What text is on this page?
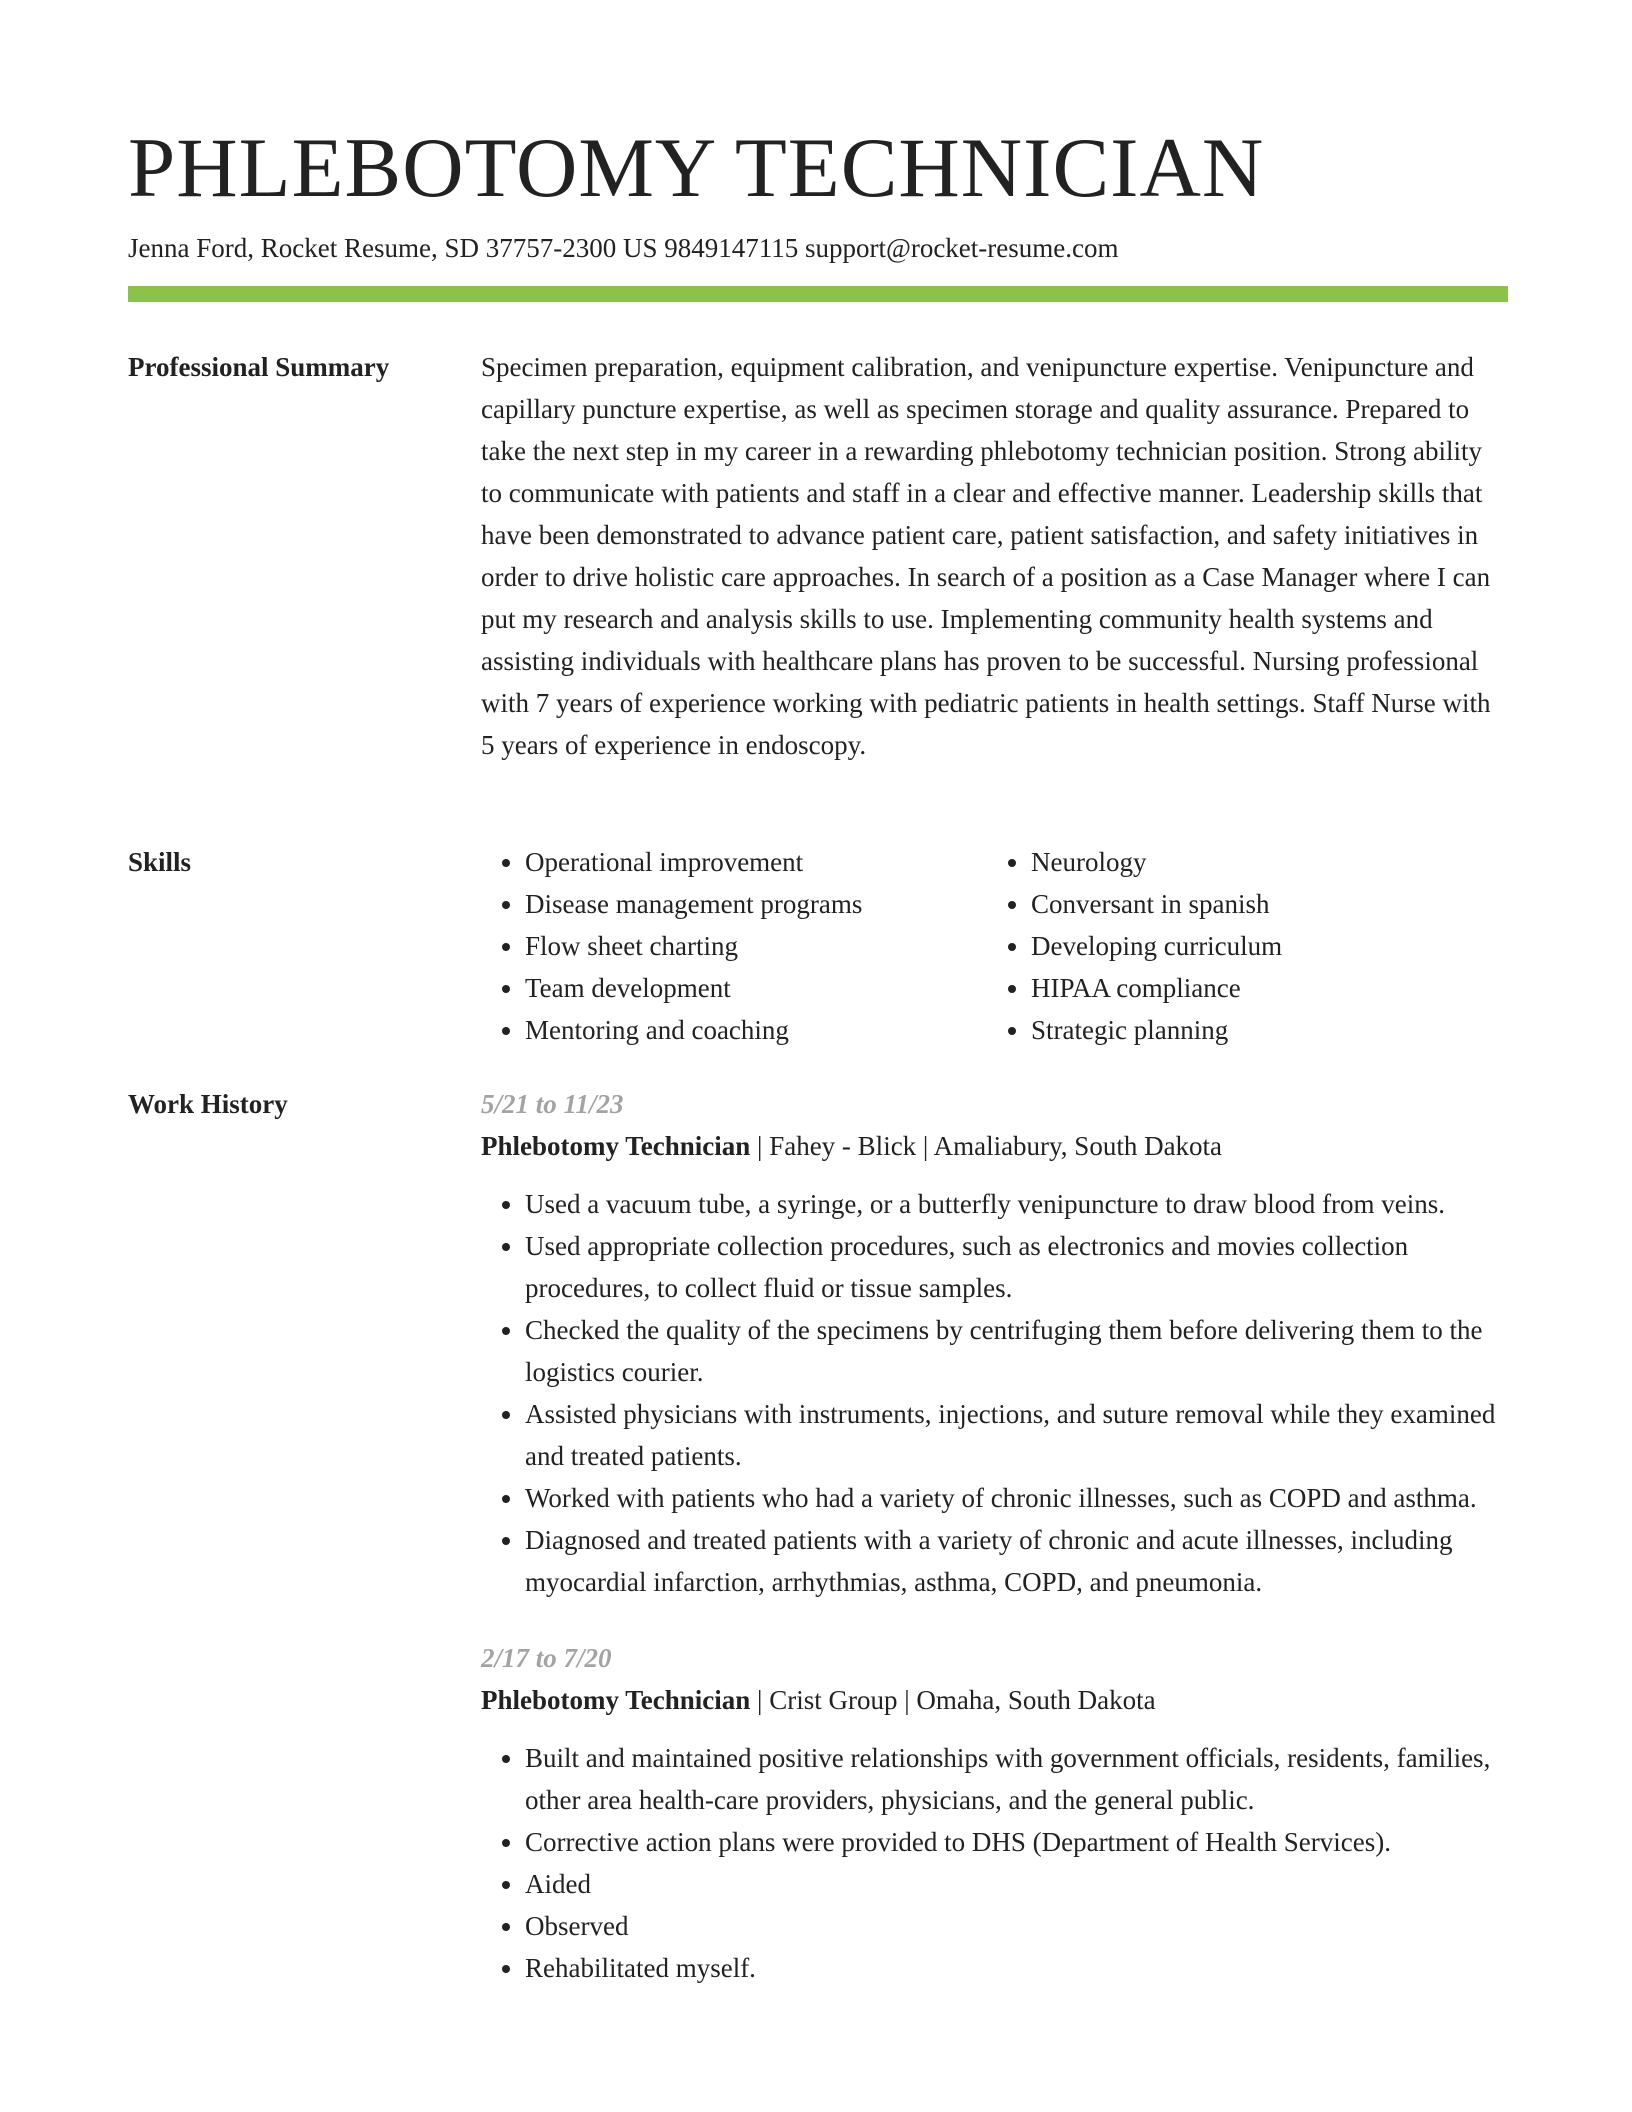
PHLEBOTOMY TECHNICIAN
Jenna Ford, Rocket Resume, SD 37757-2300 US 9849147115 support@rocket-resume.com
Professional Summary	Specimen preparation, equipment calibration, and venipuncture expertise. Venipuncture and capillary puncture expertise, as well as specimen storage and quality assurance. Prepared to take the next step in my career in a rewarding phlebotomy technician position. Strong ability to communicate with patients and staff in a clear and effective manner. Leadership skills that have been demonstrated to advance patient care, patient satisfaction, and safety initiatives in order to drive holistic care approaches. In search of a position as a Case Manager where I can put my research and analysis skills to use. Implementing community health systems and assisting individuals with healthcare plans has proven to be successful. Nursing professional with 7 years of experience working with pediatric patients in health settings. Staff Nurse with 5 years of experience in endoscopy.

Skills
•	Operational improvement
• Disease management programs
• Flow sheet charting
• Team development
• Mentoring and coaching
• Neurology
• Conversant in spanish
• Developing curriculum
• HIPAA compliance
• Strategic planning
Work History	5/21 to 11/23
Phlebotomy Technician | Fahey - Blick | Amaliabury, South Dakota
• Used a vacuum tube, a syringe, or a butterfly venipuncture to draw blood from veins.
• Used appropriate collection procedures, such as electronics and movies collection procedures, to collect fluid or tissue samples.
• Checked the quality of the specimens by centrifuging them before delivering them to the logistics courier.
• Assisted physicians with instruments, injections, and suture removal while they examined and treated patients.
• Worked with patients who had a variety of chronic illnesses, such as COPD and asthma.
• Diagnosed and treated patients with a variety of chronic and acute illnesses, including myocardial infarction, arrhythmias, asthma, COPD, and pneumonia.
2/17 to 7/20
Phlebotomy Technician | Crist Group | Omaha, South Dakota
• Built and maintained positive relationships with government officials, residents, families, other area health-care providers, physicians, and the general public.
• Corrective action plans were provided to DHS (Department of Health Services).
• Aided
• Observed
• Rehabilitated myself.
